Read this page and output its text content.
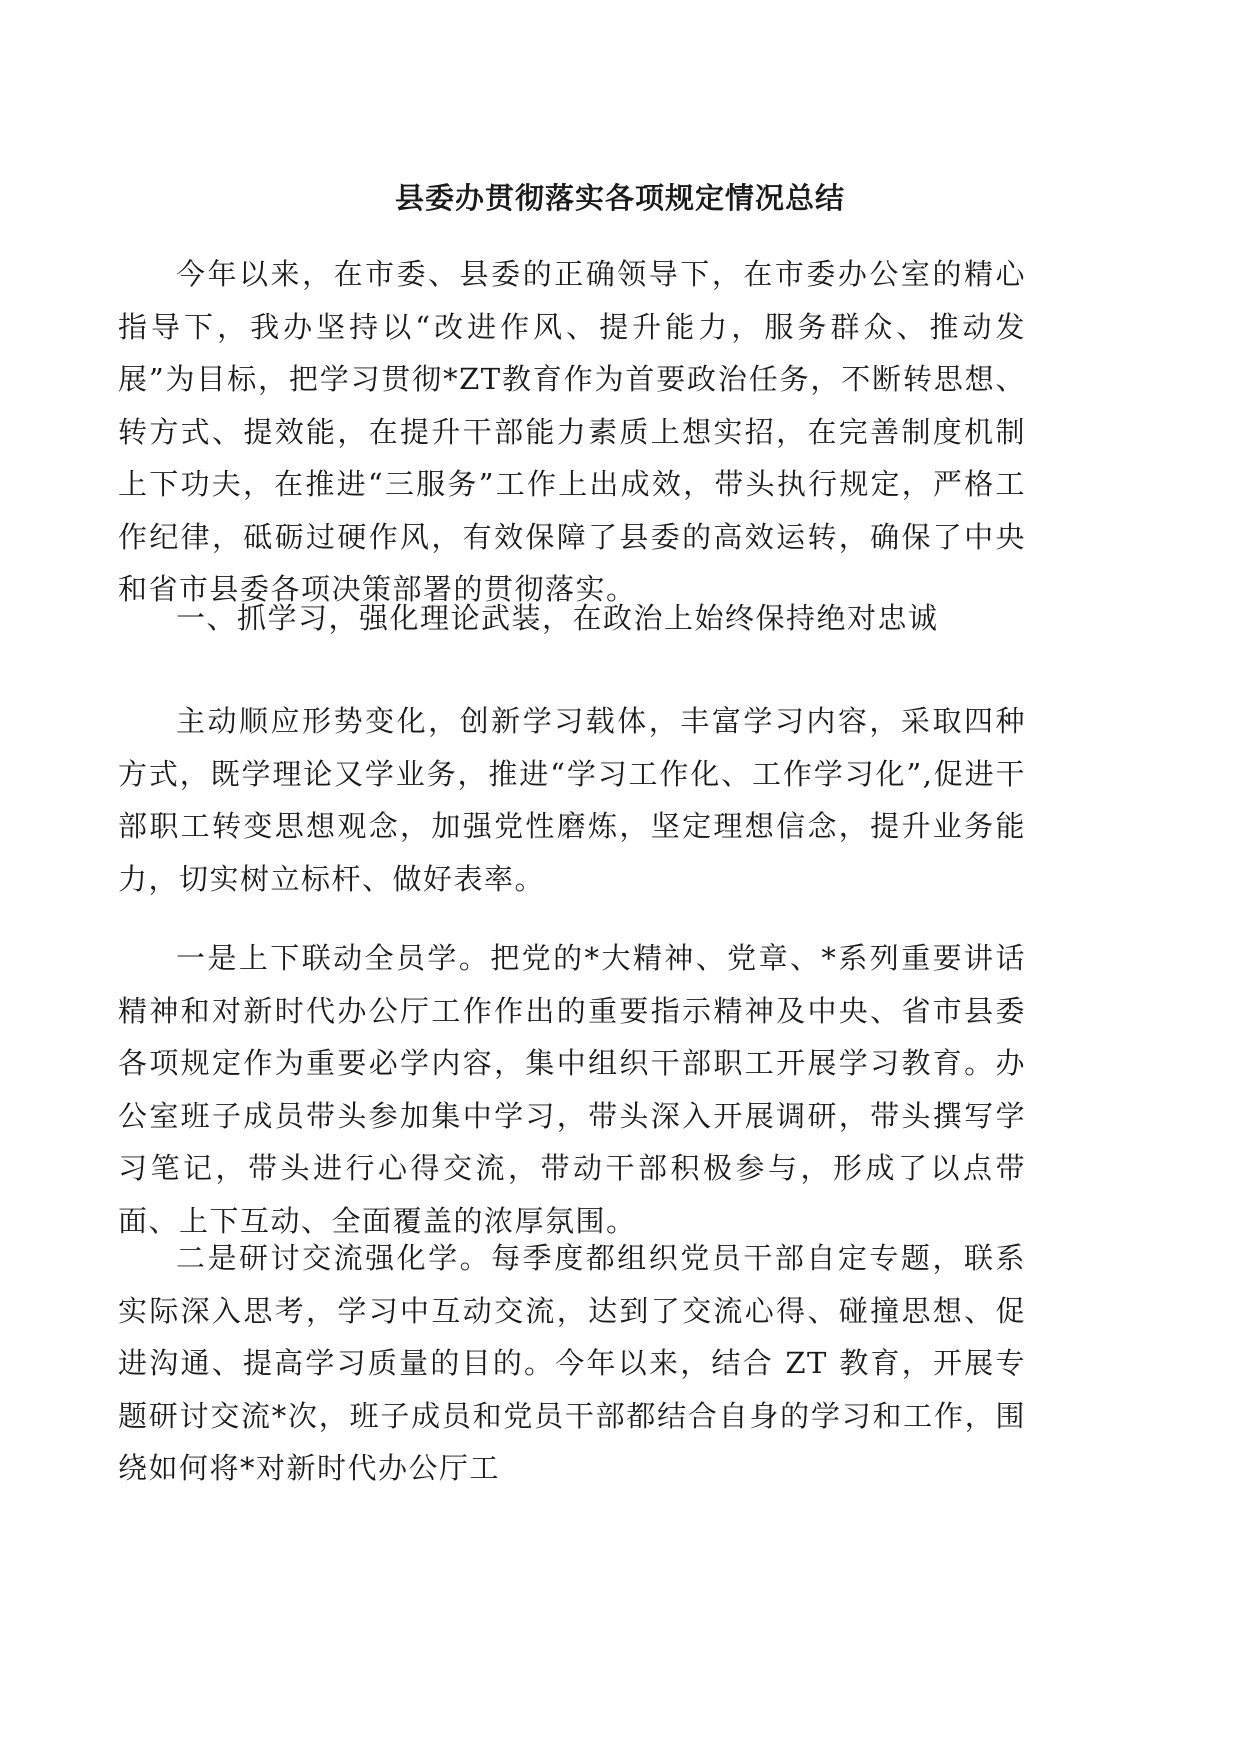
县委办贯彻落实各项规定情况总结

今年以来，在市委、县委的正确领导下，在市委办公室的精心指导下，我办坚持以“改进作风、提升能力，服务群众、推动发展”为目标，把学习贯彻*ZT教育作为首要政治任务，不断转思想、转方式、提效能，在提升干部能力素质上想实招，在完善制度机制上下功夫，在推进“三服务”工作上出成效，带头执行规定，严格工作纪律，砥砺过硬作风，有效保障了县委的高效运转，确保了中央和省市县委各项决策部署的贯彻落实。

一、抓学习，强化理论武装，在政治上始终保持绝对忠诚

主动顺应形势变化，创新学习载体，丰富学习内容，采取四种方式，既学理论又学业务，推进“学习工作化、工作学习化”,促进干部职工转变思想观念，加强党性磨炼，坚定理想信念，提升业务能力，切实树立标杆、做好表率。

一是上下联动全员学。把党的*大精神、党章、*系列重要讲话精神和对新时代办公厅工作作出的重要指示精神及中央、省市县委各项规定作为重要必学内容，集中组织干部职工开展学习教育。办公室班子成员带头参加集中学习，带头深入开展调研，带头撰写学习笔记，带头进行心得交流，带动干部积极参与，形成了以点带面、上下互动、全面覆盖的浓厚氛围。

二是研讨交流强化学。每季度都组织党员干部自定专题，联系实际深入思考，学习中互动交流，达到了交流心得、碰撞思想、促进沟通、提高学习质量的目的。今年以来，结合 ZT 教育，开展专题研讨交流*次，班子成员和党员干部都结合自身的学习和工作，围绕如何将*对新时代办公厅工
